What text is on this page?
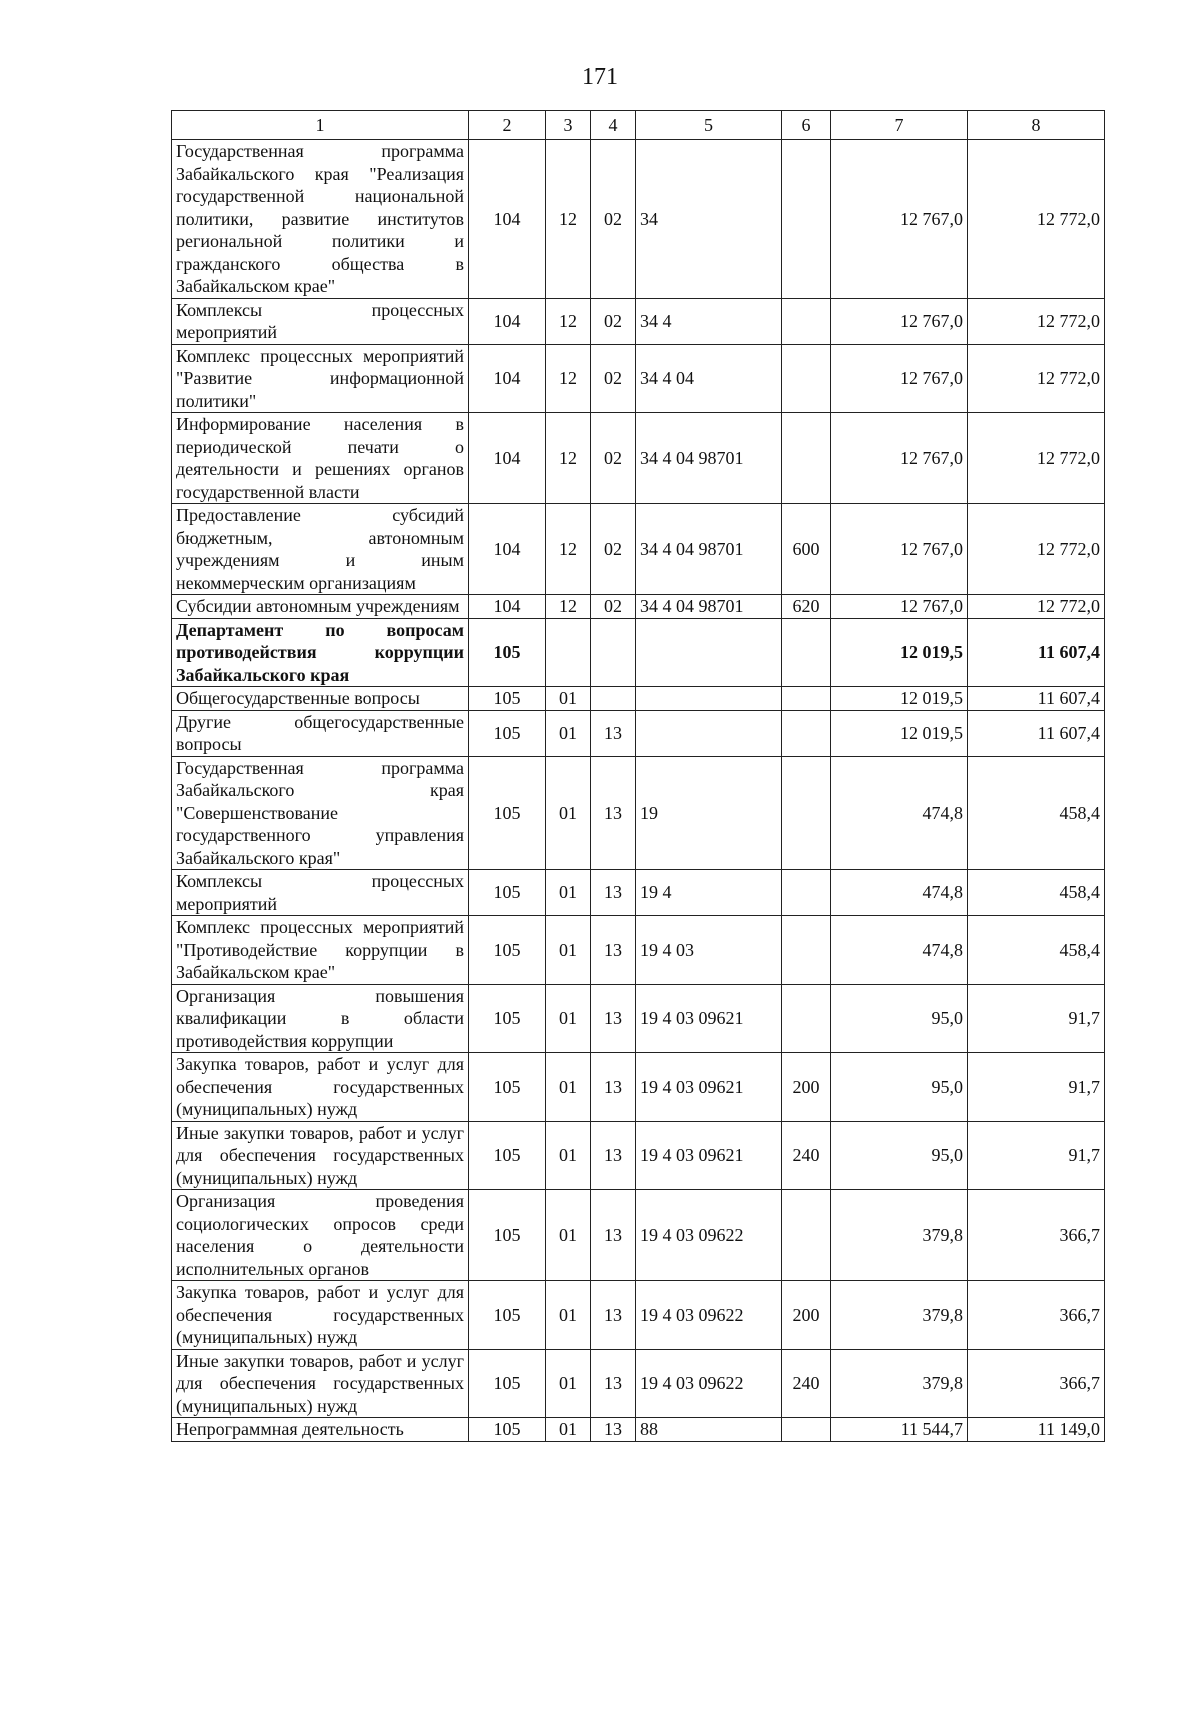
171
1	2	3	4	5	6	7	8
Государственная программа Забайкальского края "Реализация государственной национальной политики, развитие институтов региональной политики и гражданского общества в Забайкальском крае"	104	12	02	34		12 767,0	12 772,0
Комплексы процессных мероприятий	104	12	02	34 4		12 767,0	12 772,0
Комплекс процессных мероприятий "Развитие информационной политики"	104	12	02	34 4 04		12 767,0	12 772,0
Информирование населения в периодической печати о деятельности и решениях органов государственной власти	104	12	02	34 4 04 98701		12 767,0	12 772,0
Предоставление субсидий бюджетным, автономным учреждениям и иным некоммерческим организациям	104	12	02	34 4 04 98701	600	12 767,0	12 772,0
Субсидии автономным учреждениям	104	12	02	34 4 04 98701	620	12 767,0	12 772,0
Департамент по вопросам противодействия коррупции Забайкальского края	105					12 019,5	11 607,4
Общегосударственные вопросы	105	01				12 019,5	11 607,4
Другие общегосударственные вопросы	105	01	13			12 019,5	11 607,4
Государственная программа Забайкальского края "Совершенствование государственного управления Забайкальского края"	105	01	13	19		474,8	458,4
Комплексы процессных мероприятий	105	01	13	19 4		474,8	458,4
Комплекс процессных мероприятий "Противодействие коррупции в Забайкальском крае"	105	01	13	19 4 03		474,8	458,4
Организация повышения квалификации в области противодействия коррупции	105	01	13	19 4 03 09621		95,0	91,7
Закупка товаров, работ и услуг для обеспечения государственных (муниципальных) нужд	105	01	13	19 4 03 09621	200	95,0	91,7
Иные закупки товаров, работ и услуг для обеспечения государственных (муниципальных) нужд	105	01	13	19 4 03 09621	240	95,0	91,7
Организация проведения социологических опросов среди населения о деятельности исполнительных органов	105	01	13	19 4 03 09622		379,8	366,7
Закупка товаров, работ и услуг для обеспечения государственных (муниципальных) нужд	105	01	13	19 4 03 09622	200	379,8	366,7
Иные закупки товаров, работ и услуг для обеспечения государственных (муниципальных) нужд	105	01	13	19 4 03 09622	240	379,8	366,7
Непрограммная деятельность	105	01	13	88		11 544,7	11 149,0
